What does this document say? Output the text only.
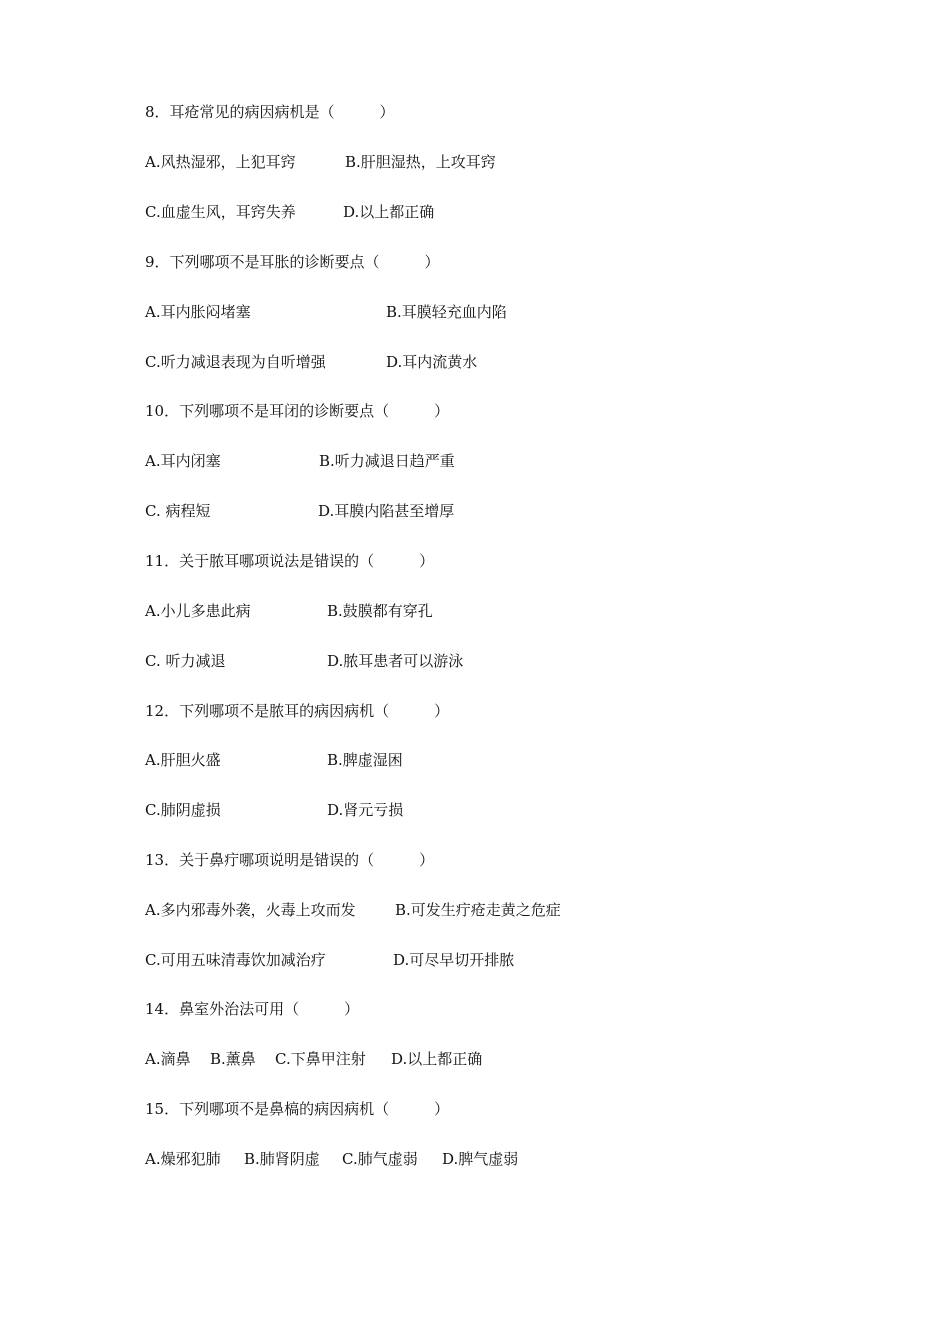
8．耳疮常见的病因病机是（　　　）
A.风热湿邪，上犯耳窍	B.肝胆湿热，上攻耳窍
C.血虚生风，耳窍失养	D.以上都正确
9．下列哪项不是耳胀的诊断要点（　　　）
A.耳内胀闷堵塞	B.耳膜轻充血内陷
C.听力减退表现为自听增强	D.耳内流黄水
10．下列哪项不是耳闭的诊断要点（　　　）
A.耳内闭塞	B.听力减退日趋严重
C. 病程短	D.耳膜内陷甚至增厚
11．关于脓耳哪项说法是错误的（　　　）
A.小儿多患此病	B.鼓膜都有穿孔
C. 听力减退	D.脓耳患者可以游泳
12．下列哪项不是脓耳的病因病机（　　　）
A.肝胆火盛	B.脾虚湿困
C.肺阴虚损	D.肾元亏损
13．关于鼻疔哪项说明是错误的（　　　）
A.多内邪毒外袭，火毒上攻而发	B.可发生疔疮走黄之危症
C.可用五味清毒饮加减治疗	D.可尽早切开排脓
14．鼻室外治法可用（　　　）
A.滴鼻 B.薰鼻 C.下鼻甲注射 D.以上都正确
15．下列哪项不是鼻槁的病因病机（　　　）
A.燥邪犯肺 B.肺肾阴虚 C.肺气虚弱 D.脾气虚弱
